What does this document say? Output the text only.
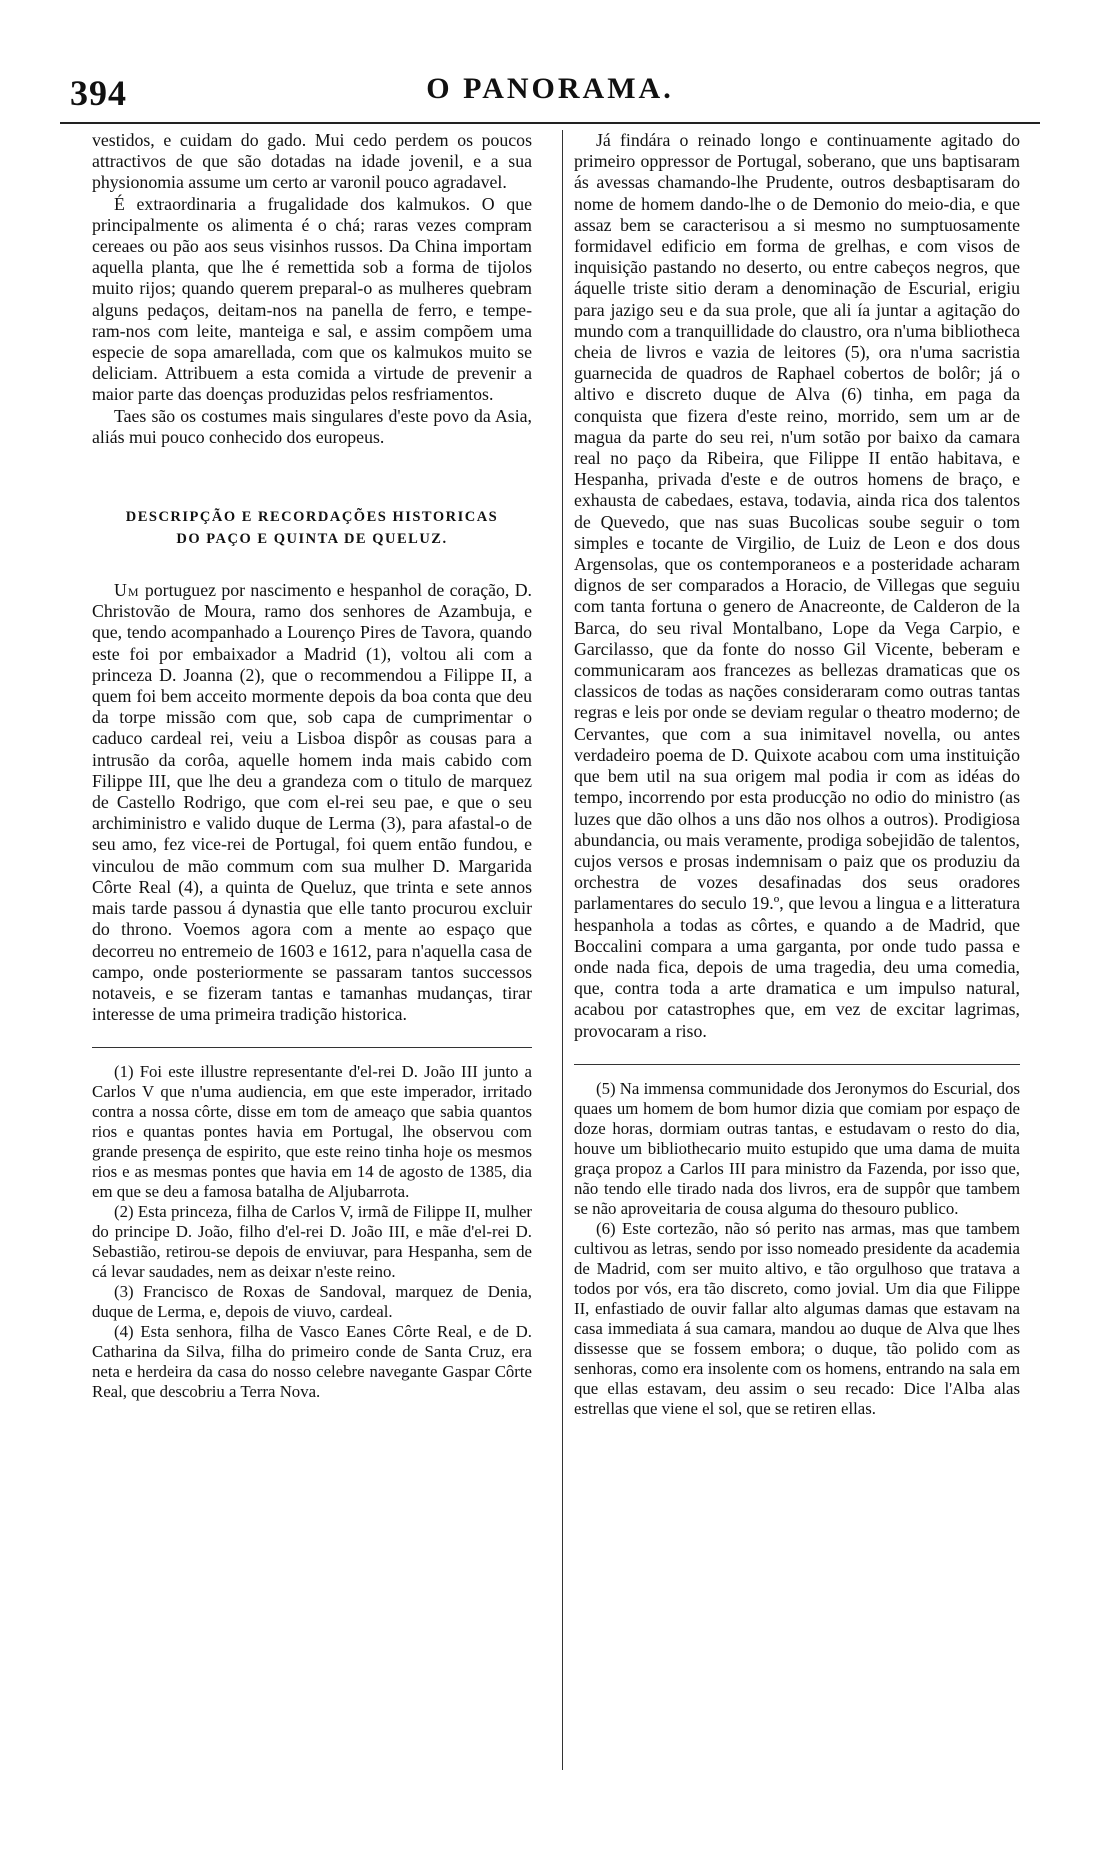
394	O PANORAMA.

vestidos, e cuidam do gado. Mui cedo perdem os poucos attractivos de que são dotadas na idade jovenil, e a sua physionomia assume um certo ar varonil pouco agradavel.

É extraordinaria a frugalidade dos kalmukos. O que principalmente os alimenta é o chá; raras vezes compram cereaes ou pão aos seus visinhos russos. Da China importam aquella planta, que lhe é remettida sob a forma de tijolos muito rijos; quando querem preparal-o as mulheres quebram alguns pedaços, deitam-nos na panella de ferro, e tempe- ram-nos com leite, manteiga e sal, e assim compõem uma especie de sopa amarellada, com que os kalmukos muito se deliciam. Attribuem a esta comida a virtude de prevenir a maior parte das doenças produzidas pelos resfriamentos.

Taes são os costumes mais singulares d'este povo da Asia, aliás mui pouco conhecido dos europeus.

DESCRIPÇÃO E RECORDAÇÕES HISTORICAS
DO PAÇO E QUINTA DE QUELUZ.

Um portuguez por nascimento e hespanhol de coração, D. Christovão de Moura, ramo dos senhores de Azambuja, e que, tendo acompanhado a Lourenço Pires de Tavora, quando este foi por embaixador a Madrid (1), voltou ali com a princeza D. Joanna (2), que o recommendou a Filippe II, a quem foi bem acceito mormente depois da boa conta que deu da torpe missão com que, sob capa de cumprimentar o caduco cardeal rei, veiu a Lisboa dispôr as cousas para a intrusão da corôa, aquelle homem inda mais cabido com Filippe III, que lhe deu a grandeza com o titulo de marquez de Castello Rodrigo, que com el-rei seu pae, e que o seu archiministro e valido duque de Lerma (3), para afastal-o de seu amo, fez vice-rei de Portugal, foi quem então fundou, e vinculou de mão commum com sua mulher D. Margarida Côrte Real (4), a quinta de Queluz, que trinta e sete annos mais tarde passou á dynastia que elle tanto procurou excluir do throno. Voemos agora com a mente ao espaço que decorreu no entremeio de 1603 e 1612, para n'aquella casa de campo, onde posteriormente se passaram tantos successos notaveis, e se fizeram tantas e tamanhas mudanças, tirar interesse de uma primeira tradição historica.

(1) Foi este illustre representante d'el-rei D. João III junto a Carlos V que n'uma audiencia, em que este imperador, irritado contra a nossa côrte, disse em tom de ameaço que sabia quantos rios e quantas pontes havia em Portugal, lhe observou com grande presença de espirito, que este reino tinha hoje os mesmos rios e as mesmas pontes que havia em 14 de agosto de 1385, dia em que se deu a famosa batalha de Aljubarrota.

(2) Esta princeza, filha de Carlos V, irmã de Filippe II, mulher do principe D. João, filho d'el-rei D. João III, e mãe d'el-rei D. Sebastião, retirou-se depois de enviuvar, para Hespanha, sem de cá levar saudades, nem as deixar n'este reino.

(3) Francisco de Roxas de Sandoval, marquez de Denia, duque de Lerma, e, depois de viuvo, cardeal.

(4) Esta senhora, filha de Vasco Eanes Côrte Real, e de D. Catharina da Silva, filha do primeiro conde de Santa Cruz, era neta e herdeira da casa do nosso celebre navegante Gaspar Côrte Real, que descobriu a Terra Nova.

Já findára o reinado longo e continuamente agitado do primeiro oppressor de Portugal, soberano, que uns baptisaram ás avessas chamando-lhe Prudente, outros desbaptisaram do nome de homem dando-lhe o de Demonio do meio-dia, e que assaz bem se caracterisou a si mesmo no sumptuosamente formidavel edificio em forma de grelhas, e com visos de inquisição pastando no deserto, ou entre cabeços negros, que áquelle triste sitio deram a denominação de Escurial, erigiu para jazigo seu e da sua prole, que ali ía juntar a agitação do mundo com a tranquillidade do claustro, ora n'uma bibliotheca cheia de livros e vazia de leitores (5), ora n'uma sacristia guarnecida de quadros de Raphael cobertos de bolôr; já o altivo e discreto duque de Alva (6) tinha, em paga da conquista que fizera d'este reino, morrido, sem um ar de magua da parte do seu rei, n'um sotão por baixo da camara real no paço da Ribeira, que Filippe II então habitava, e Hespanha, privada d'este e de outros homens de braço, e exhausta de cabedaes, estava, todavia, ainda rica dos talentos de Quevedo, que nas suas Bucolicas soube seguir o tom simples e tocante de Virgilio, de Luiz de Leon e dos dous Argensolas, que os contemporaneos e a posteridade acharam dignos de ser comparados a Horacio, de Villegas que seguiu com tanta fortuna o genero de Anacreonte, de Calderon de la Barca, do seu rival Montalbano, Lope da Vega Carpio, e Garcilasso, que da fonte do nosso Gil Vicente, beberam e communicaram aos francezes as bellezas dramaticas que os classicos de todas as nações consideraram como outras tantas regras e leis por onde se deviam regular o theatro moderno; de Cervantes, que com a sua inimitavel novella, ou antes verdadeiro poema de D. Quixote acabou com uma instituição que bem util na sua origem mal podia ir com as idéas do tempo, incorrendo por esta producção no odio do ministro (as luzes que dão olhos a uns dão nos olhos a outros). Prodigiosa abundancia, ou mais veramente, prodiga sobejidão de talentos, cujos versos e prosas indemnisam o paiz que os produziu da orchestra de vozes desafinadas dos seus oradores parlamentares do seculo 19.º, que levou a lingua e a litteratura hespanhola a todas as côrtes, e quando a de Madrid, que Boccalini compara a uma garganta, por onde tudo passa e onde nada fica, depois de uma tragedia, deu uma comedia, que, contra toda a arte dramatica e um impulso natural, acabou por catastrophes que, em vez de excitar lagrimas, provocaram a riso.

(5) Na immensa communidade dos Jeronymos do Escurial, dos quaes um homem de bom humor dizia que comiam por espaço de doze horas, dormiam outras tantas, e estudavam o resto do dia, houve um bibliothecario muito estupido que uma dama de muita graça propoz a Carlos III para ministro da Fazenda, por isso que, não tendo elle tirado nada dos livros, era de suppôr que tambem se não aproveitaria de cousa alguma do thesouro publico.

(6) Este cortezão, não só perito nas armas, mas que tambem cultivou as letras, sendo por isso nomeado presidente da academia de Madrid, com ser muito altivo, e tão orgulhoso que tratava a todos por vós, era tão discreto, como jovial. Um dia que Filippe II, enfastiado de ouvir fallar alto algumas damas que estavam na casa immediata á sua camara, mandou ao duque de Alva que lhes dissesse que se fossem embora; o duque, tão polido com as senhoras, como era insolente com os homens, entrando na sala em que ellas estavam, deu assim o seu recado: Dice l'Alba alas estrellas que viene el sol, que se retiren ellas.
